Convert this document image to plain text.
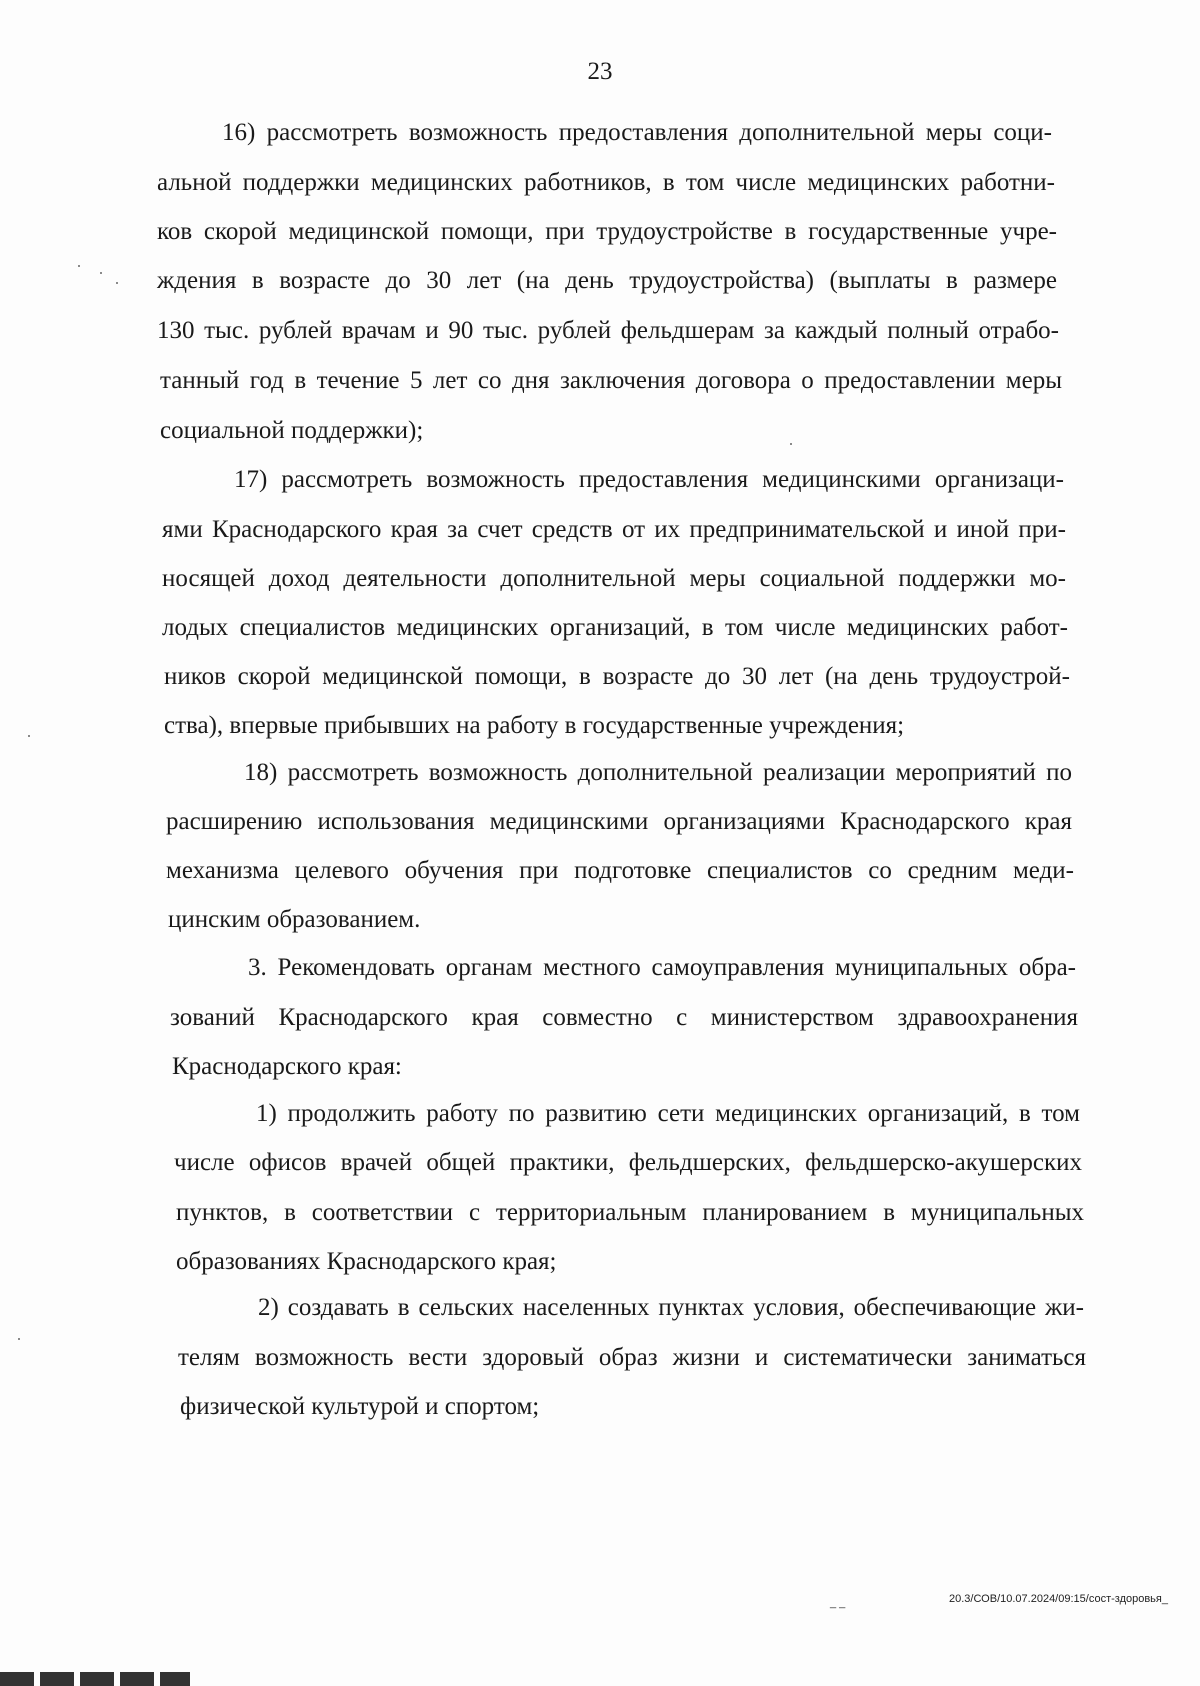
23
16) рассмотреть возможность предоставления дополнительной меры соци-
альной поддержки медицинских работников, в том числе медицинских работни-
ков скорой медицинской помощи, при трудоустройстве в государственные учре-
ждения в возрасте до 30 лет (на день трудоустройства) (выплаты в размере
130 тыс. рублей врачам и 90 тыс. рублей фельдшерам за каждый полный отрабо-
танный год в течение 5 лет со дня заключения договора о предоставлении меры
социальной поддержки);
17) рассмотреть возможность предоставления медицинскими организаци-
ями Краснодарского края за счет средств от их предпринимательской и иной при-
носящей доход деятельности дополнительной меры социальной поддержки мо-
лодых специалистов медицинских организаций, в том числе медицинских работ-
ников скорой медицинской помощи, в возрасте до 30 лет (на день трудоустрой-
ства), впервые прибывших на работу в государственные учреждения;
18) рассмотреть возможность дополнительной реализации мероприятий по
расширению использования медицинскими организациями Краснодарского края
механизма целевого обучения при подготовке специалистов со средним меди-
цинским образованием.
3. Рекомендовать органам местного самоуправления муниципальных обра-
зований Краснодарского края совместно с министерством здравоохранения
Краснодарского края:
1) продолжить работу по развитию сети медицинских организаций, в том
числе офисов врачей общей практики, фельдшерских, фельдшерско-акушерских
пунктов, в соответствии с территориальным планированием в муниципальных
образованиях Краснодарского края;
2) создавать в сельских населенных пунктах условия, обеспечивающие жи-
телям возможность вести здоровый образ жизни и систематически заниматься
физической культурой и спортом;
_ _	20.3/СОВ/10.07.2024/09:15/сост-здоровья_
